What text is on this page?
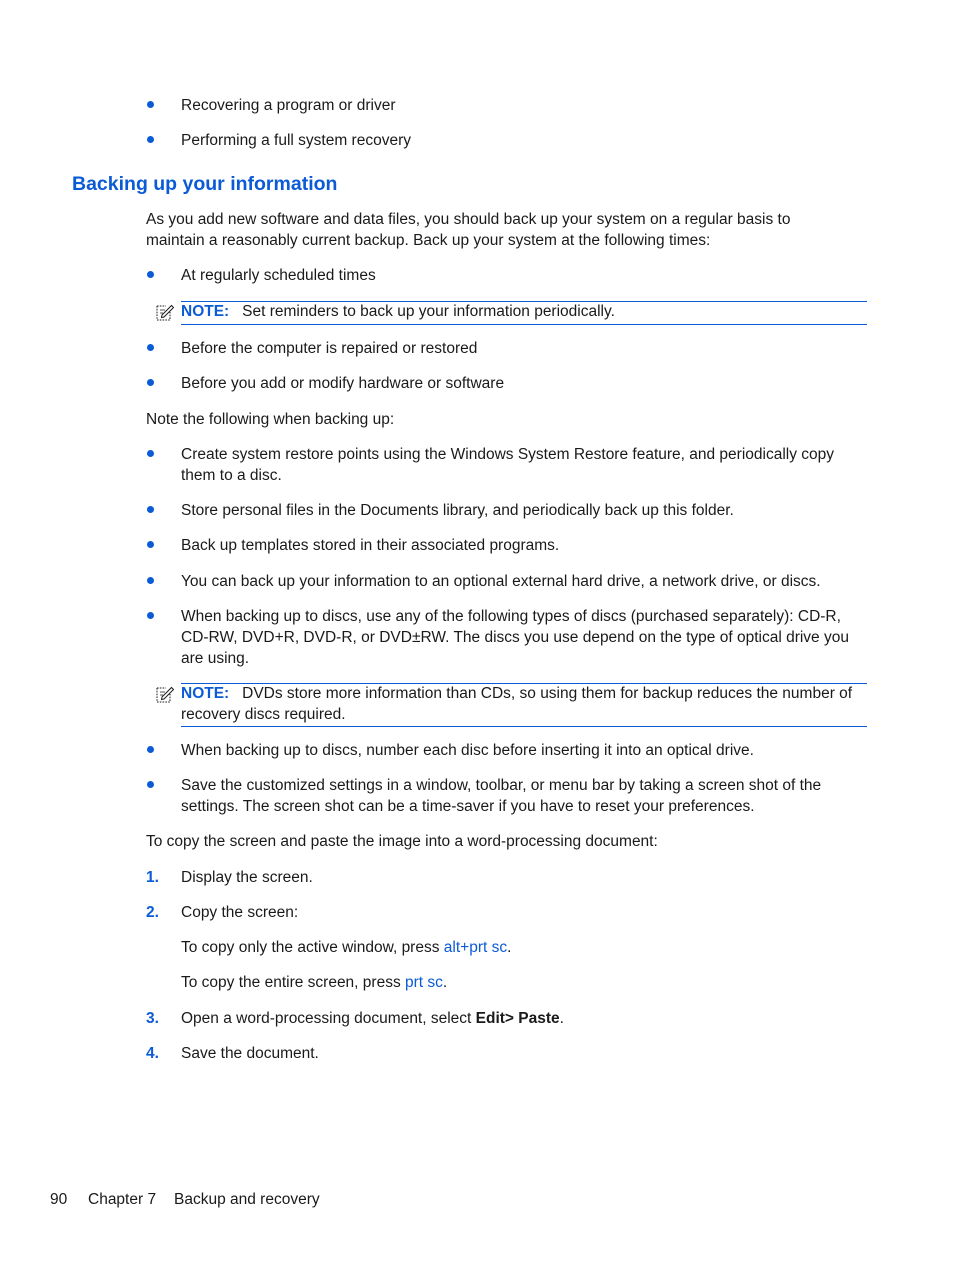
Recovering a program or driver
Performing a full system recovery
Backing up your information
As you add new software and data files, you should back up your system on a regular basis to
maintain a reasonably current backup. Back up your system at the following times:
At regularly scheduled times
NOTE: Set reminders to back up your information periodically.
Before the computer is repaired or restored
Before you add or modify hardware or software
Note the following when backing up:
Create system restore points using the Windows System Restore feature, and periodically copy
them to a disc.
Store personal files in the Documents library, and periodically back up this folder.
Back up templates stored in their associated programs.
You can back up your information to an optional external hard drive, a network drive, or discs.
When backing up to discs, use any of the following types of discs (purchased separately): CD-R,
CD-RW, DVD+R, DVD-R, or DVD±RW. The discs you use depend on the type of optical drive you
are using.
NOTE: DVDs store more information than CDs, so using them for backup reduces the number of
recovery discs required.
When backing up to discs, number each disc before inserting it into an optical drive.
Save the customized settings in a window, toolbar, or menu bar by taking a screen shot of the
settings. The screen shot can be a time-saver if you have to reset your preferences.
To copy the screen and paste the image into a word-processing document:
1. Display the screen.
2. Copy the screen:
To copy only the active window, press alt+prt sc.
To copy the entire screen, press prt sc.
3. Open a word-processing document, select Edit> Paste.
4. Save the document.
90 Chapter 7 Backup and recovery
